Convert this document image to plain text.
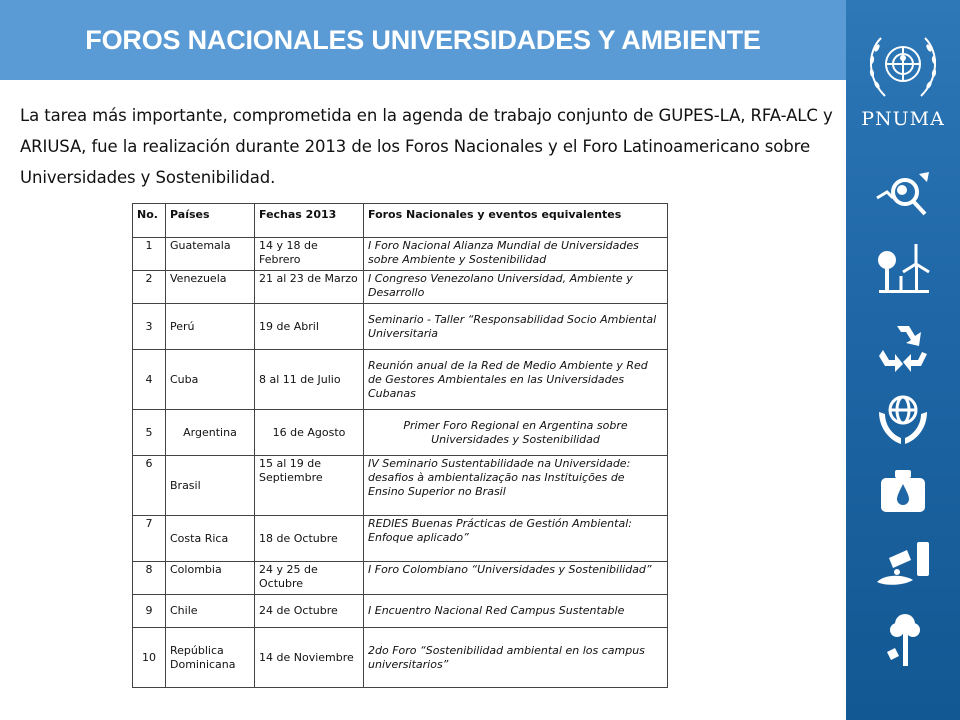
FOROS NACIONALES UNIVERSIDADES Y AMBIENTE
PNUMA

La tarea más importante, comprometida en la agenda de trabajo conjunto de GUPES-LA, RFA-ALC y ARIUSA, fue la realización durante 2013 de los Foros Nacionales y el Foro Latinoamericano sobre Universidades y Sostenibilidad.

No.	Países	Fechas 2013	Foros Nacionales y eventos equivalentes
1	Guatemala	14 y 18 de Febrero	I Foro Nacional Alianza Mundial de Universidades sobre Ambiente y Sostenibilidad
2	Venezuela	21 al 23 de Marzo	I Congreso Venezolano Universidad, Ambiente y Desarrollo
3	Perú	19 de Abril	Seminario - Taller “Responsabilidad Socio Ambiental Universitaria
4	Cuba	8 al 11 de Julio	Reunión anual de la Red de Medio Ambiente y Red de Gestores Ambientales en las Universidades Cubanas
5	Argentina	16 de Agosto	Primer Foro Regional en Argentina sobre Universidades y Sostenibilidad
6	Brasil	15 al 19 de Septiembre	IV Seminario Sustentabilidade na Universidade: desafios à ambientalização nas Instituições de Ensino Superior no Brasil
7	Costa Rica	18 de Octubre	REDIES Buenas Prácticas de Gestión Ambiental: Enfoque aplicado”
8	Colombia	24 y 25 de Octubre	I Foro Colombiano “Universidades y Sostenibilidad”
9	Chile	24 de Octubre	I Encuentro Nacional Red Campus Sustentable
10	República Dominicana	14 de Noviembre	2do Foro “Sostenibilidad ambiental en los campus universitarios”
